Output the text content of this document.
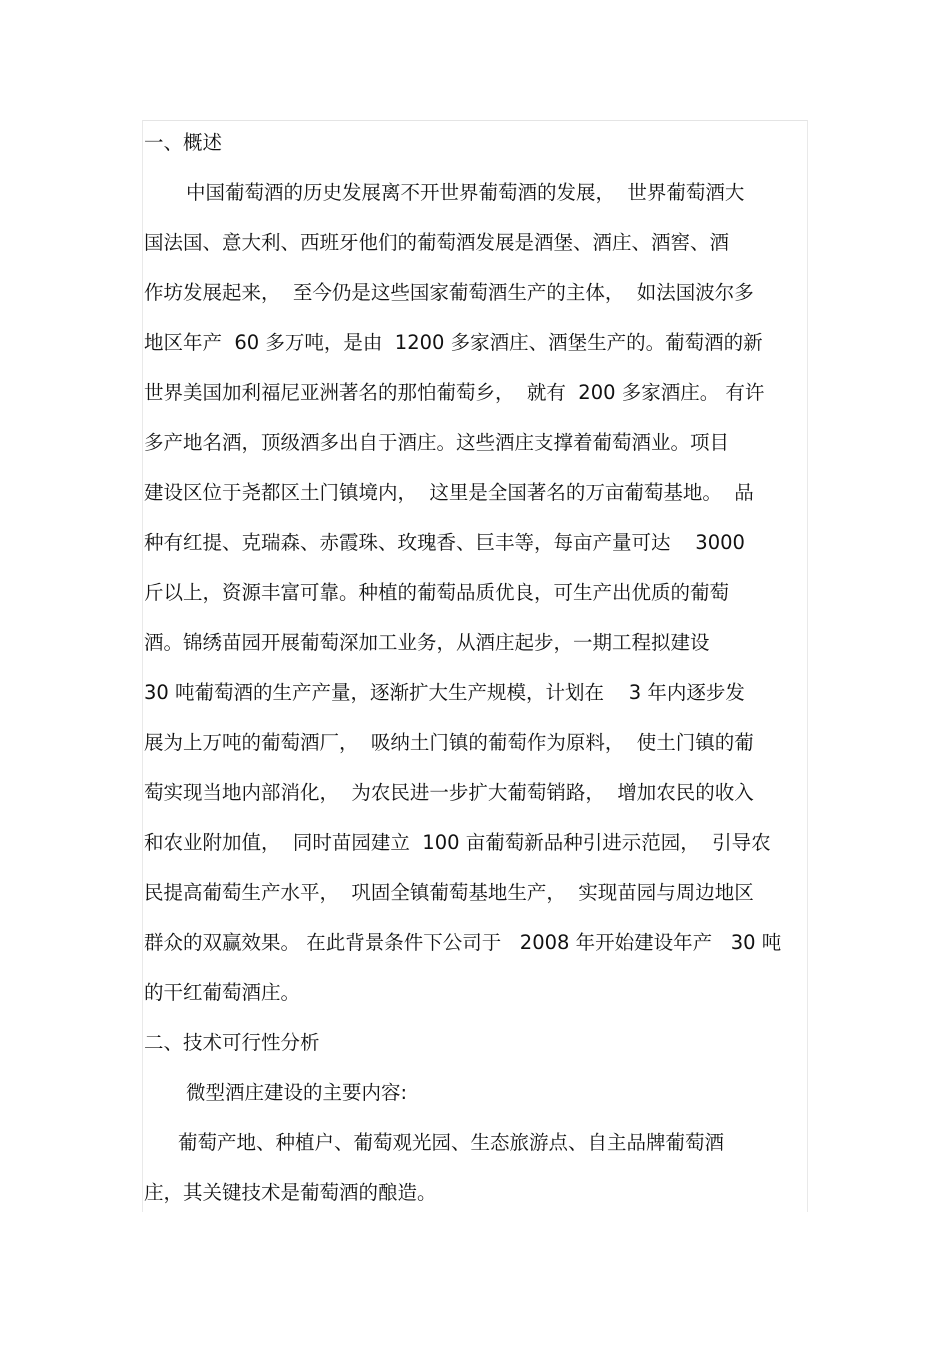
一、概述
中国葡萄酒的历史发展离不开世界葡萄酒的发展，  世界葡萄酒大
国法国、意大利、西班牙他们的葡萄酒发展是酒堡、酒庄、酒窖、酒
作坊发展起来，  至今仍是这些国家葡萄酒生产的主体，  如法国波尔多
地区年产  60 多万吨，是由  1200 多家酒庄、酒堡生产的。葡萄酒的新
世界美国加利福尼亚洲著名的那怕葡萄乡，  就有  200 多家酒庄。 有许
多产地名酒，顶级酒多出自于酒庄。这些酒庄支撑着葡萄酒业。项目
建设区位于尧都区土门镇境内，  这里是全国著名的万亩葡萄基地。  品
种有红提、克瑞森、赤霞珠、玫瑰香、巨丰等，每亩产量可达    3000
斤以上，资源丰富可靠。种植的葡萄品质优良，可生产出优质的葡萄
酒。锦绣苗园开展葡萄深加工业务，从酒庄起步，一期工程拟建设
30 吨葡萄酒的生产产量，逐渐扩大生产规模，计划在    3 年内逐步发
展为上万吨的葡萄酒厂，  吸纳土门镇的葡萄作为原料，  使土门镇的葡
萄实现当地内部消化，  为农民进一步扩大葡萄销路，  增加农民的收入
和农业附加值，  同时苗园建立  100 亩葡萄新品种引进示范园，  引导农
民提高葡萄生产水平，  巩固全镇葡萄基地生产，  实现苗园与周边地区
群众的双赢效果。 在此背景条件下公司于   2008 年开始建设年产   30 吨
的干红葡萄酒庄。
二、技术可行性分析
微型酒庄建设的主要内容:
葡萄产地、种植户、葡萄观光园、生态旅游点、自主品牌葡萄酒
庄，其关键技术是葡萄酒的酿造。
